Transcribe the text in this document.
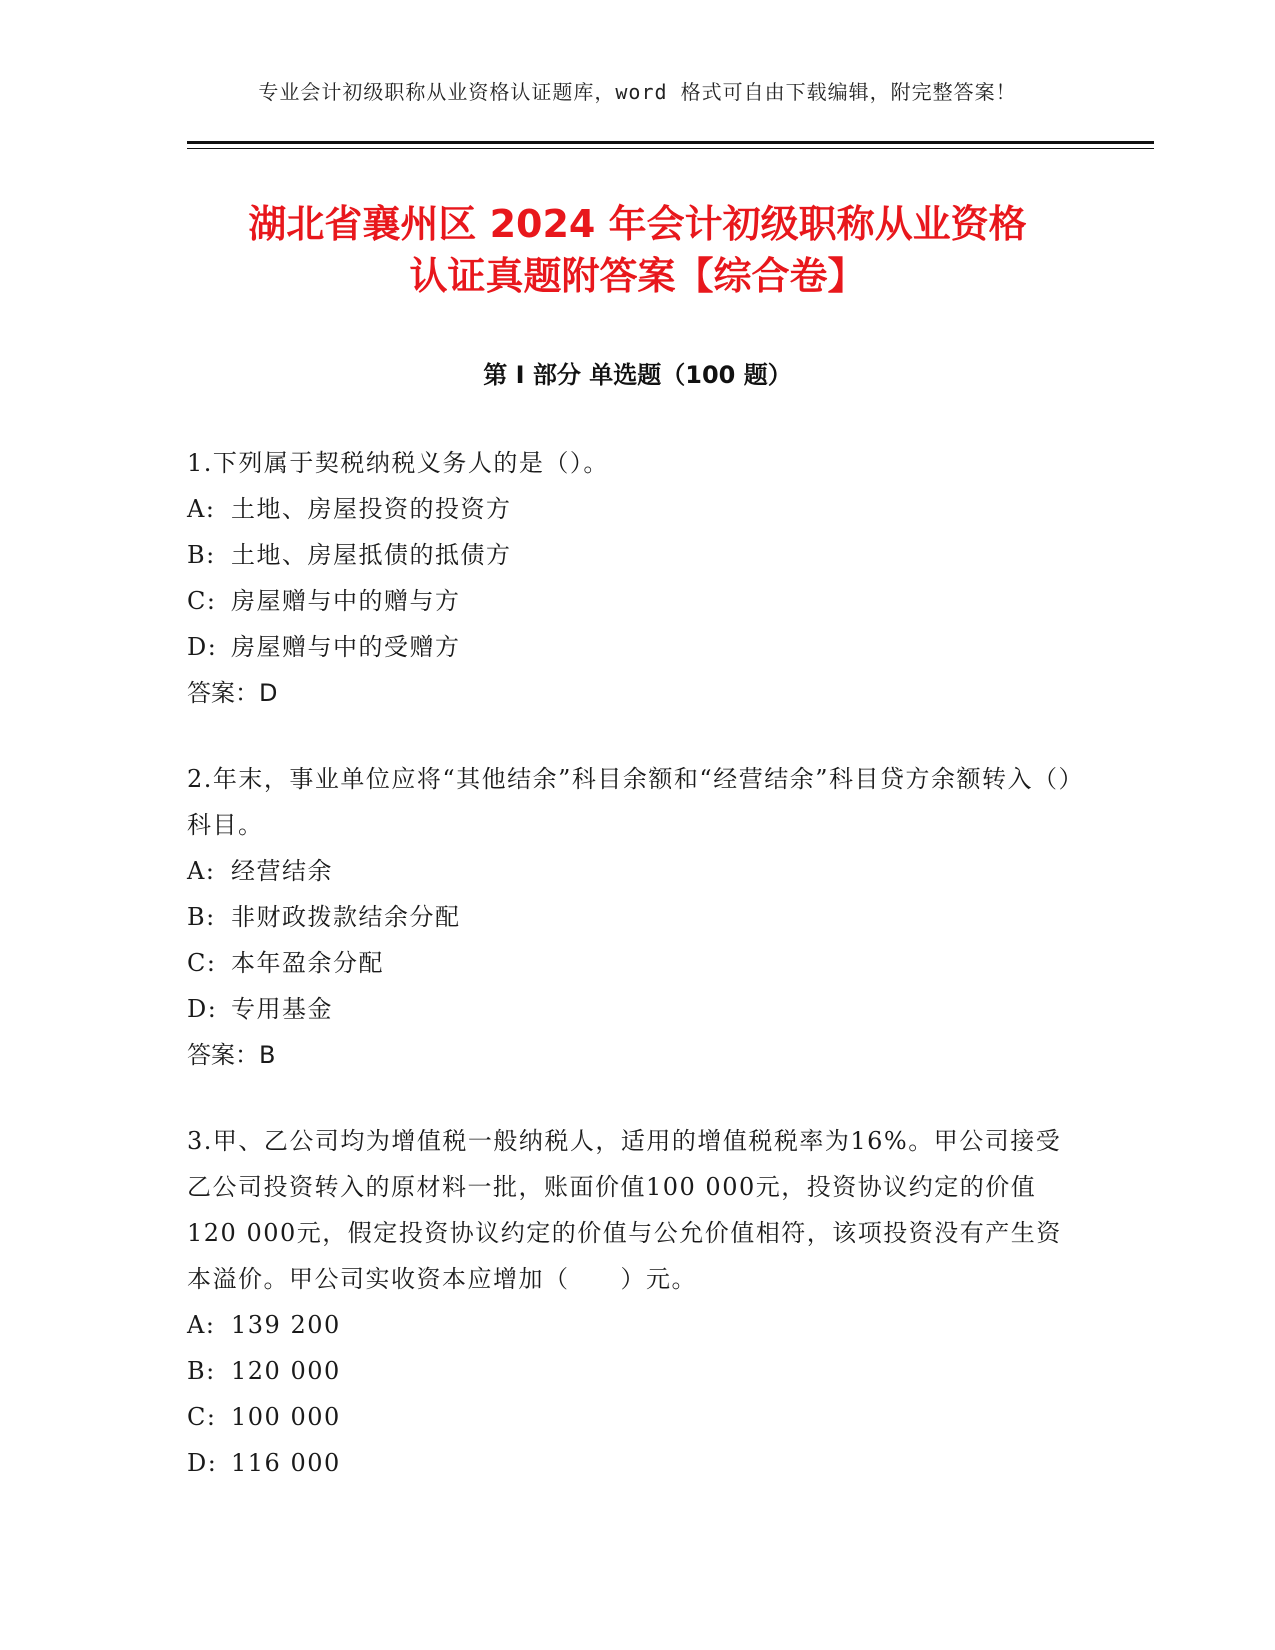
专业会计初级职称从业资格认证题库，word 格式可自由下载编辑，附完整答案！
湖北省襄州区 2024 年会计初级职称从业资格
认证真题附答案【综合卷】
第 I 部分 单选题（100 题）

1.下列属于契税纳税义务人的是（）。

A: 土地、房屋投资的投资方

B: 土地、房屋抵债的抵债方

C: 房屋赠与中的赠与方

D: 房屋赠与中的受赠方

答案：D

2.年末，事业单位应将“其他结余”科目余额和“经营结余”科目贷方余额转入（）科目。

A: 经营结余

B: 非财政拨款结余分配

C: 本年盈余分配

D: 专用基金

答案：B

3.甲、乙公司均为增值税一般纳税人，适用的增值税税率为16%。甲公司接受乙公司投资转入的原材料一批，账面价值100 000元，投资协议约定的价值120 000元，假定投资协议约定的价值与公允价值相符，该项投资没有产生资本溢价。甲公司实收资本应增加（　　）元。

A: 139 200

B: 120 000

C: 100 000

D: 116 000
